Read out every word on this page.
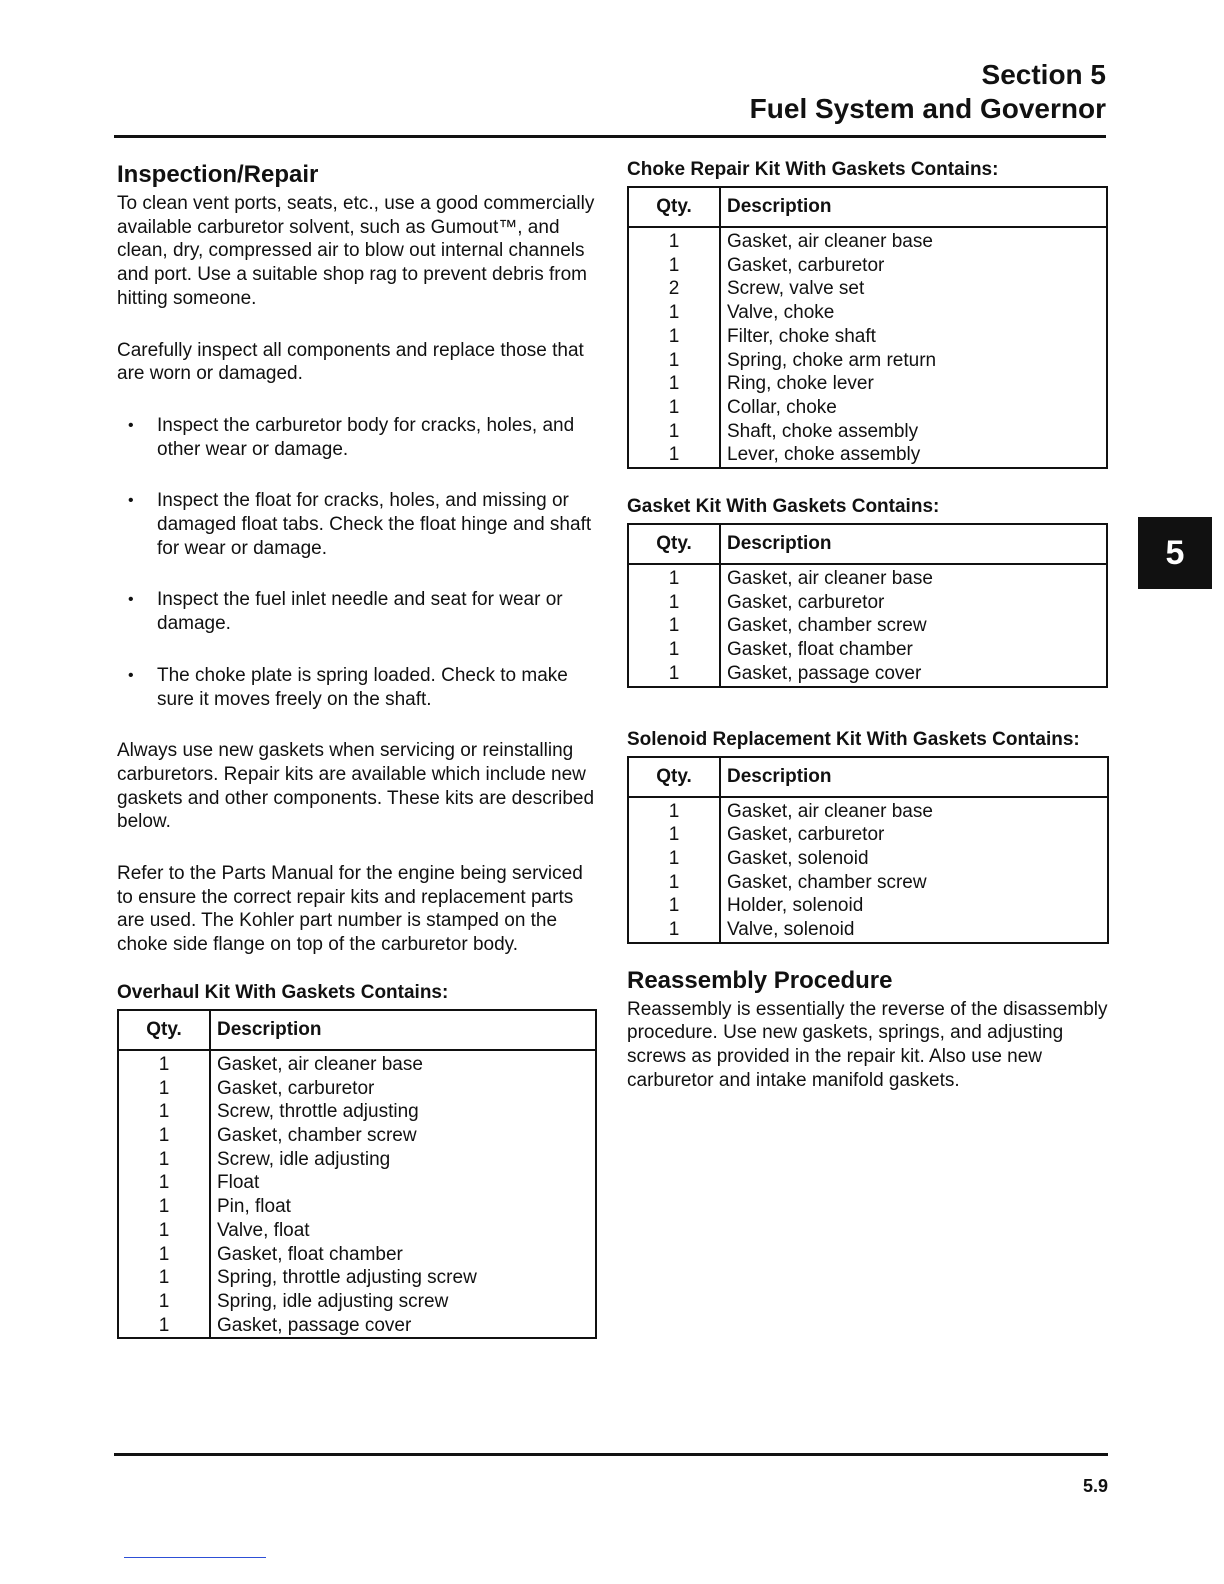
Section 5
Fuel System and Governor
5
Inspection/Repair

To clean vent ports, seats, etc., use a good commercially available carburetor solvent, such as Gumout™, and clean, dry, compressed air to blow out internal channels and port. Use a suitable shop rag to prevent debris from hitting someone.

Carefully inspect all components and replace those that are worn or damaged.

• Inspect the carburetor body for cracks, holes, and other wear or damage.
• Inspect the float for cracks, holes, and missing or damaged float tabs. Check the float hinge and shaft for wear or damage.
• Inspect the fuel inlet needle and seat for wear or damage.
• The choke plate is spring loaded. Check to make sure it moves freely on the shaft.

Always use new gaskets when servicing or reinstalling carburetors. Repair kits are available which include new gaskets and other components. These kits are described below.

Refer to the Parts Manual for the engine being serviced to ensure the correct repair kits and replacement parts are used. The Kohler part number is stamped on the choke side flange on top of the carburetor body.

Overhaul Kit With Gaskets Contains:
Qty.	Description
1	Gasket, air cleaner base
1	Gasket, carburetor
1	Screw, throttle adjusting
1	Gasket, chamber screw
1	Screw, idle adjusting
1	Float
1	Pin, float
1	Valve, float
1	Gasket, float chamber
1	Spring, throttle adjusting screw
1	Spring, idle adjusting screw
1	Gasket, passage cover
Choke Repair Kit With Gaskets Contains:
Qty.	Description
1	Gasket, air cleaner base
1	Gasket, carburetor
2	Screw, valve set
1	Valve, choke
1	Filter, choke shaft
1	Spring, choke arm return
1	Ring, choke lever
1	Collar, choke
1	Shaft, choke assembly
1	Lever, choke assembly
Gasket Kit With Gaskets Contains:
Qty.	Description
1	Gasket, air cleaner base
1	Gasket, carburetor
1	Gasket, chamber screw
1	Gasket, float chamber
1	Gasket, passage cover
Solenoid Replacement Kit With Gaskets Contains:
Qty.	Description
1	Gasket, air cleaner base
1	Gasket, carburetor
1	Gasket, solenoid
1	Gasket, chamber screw
1	Holder, solenoid
1	Valve, solenoid
Reassembly Procedure

Reassembly is essentially the reverse of the disassembly procedure. Use new gaskets, springs, and adjusting screws as provided in the repair kit. Also use new carburetor and intake manifold gaskets.

5.9
